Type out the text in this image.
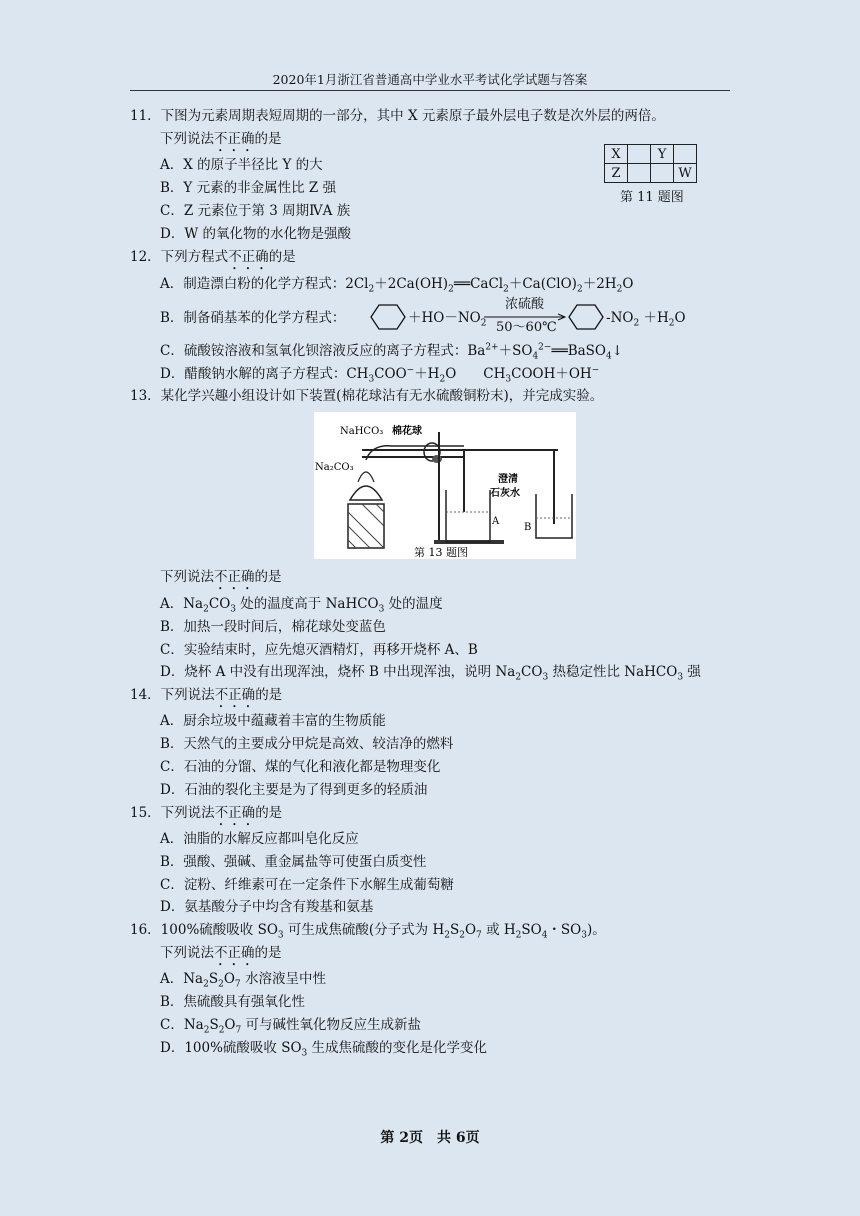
2020年1月浙江省普通高中学业水平考试化学试题与答案
11．下图为元素周期表短周期的一部分，其中 X 元素原子最外层电子数是次外层的两倍。
下列说法不正确的是
A．X 的原子半径比 Y 的大
B．Y 元素的非金属性比 Z 强
C．Z 元素位于第 3 周期ⅣA 族
D．W 的氧化物的水化物是强酸
X		Y	
Z			W
第 11 题图
12．下列方程式不正确的是
A．制造漂白粉的化学方程式：$2Cl_2+2Ca(OH)_2══CaCl_2+Ca(ClO)_2+2H_2O$
B．制备硝基苯的化学方程式：	$+HO-NO_2$
浓硫酸
50～60℃
$-NO_2 +H_2O$
C．硫酸铵溶液和氢氧化钡溶液反应的离子方程式：$Ba^{2+}+SO_4^{2-}══BaSO_4↓$
D．醋酸钠水解的离子方程式：$CH_3COO^-+H_2O$　　$CH_3COOH+OH^-$
13．某化学兴趣小组设计如下装置(棉花球沾有无水硫酸铜粉末)，并完成实验。
NaHCO₃ 棉花球
Na₂CO₃
澄清
石灰水
A
B
第 13 题图
下列说法不正确的是
A．$Na_2CO_3$ 处的温度高于 NaHCO$_3$ 处的温度
B．加热一段时间后，棉花球处变蓝色
C．实验结束时，应先熄灭酒精灯，再移开烧杯 A、B
D．烧杯 A 中没有出现浑浊，烧杯 B 中出现浑浊，说明 $Na_2CO_3$ 热稳定性比 NaHCO$_3$ 强
14．下列说法不正确的是
A．厨余垃圾中蕴藏着丰富的生物质能
B．天然气的主要成分甲烷是高效、较洁净的燃料
C．石油的分馏、煤的气化和液化都是物理变化
D．石油的裂化主要是为了得到更多的轻质油
15．下列说法不正确的是
A．油脂的水解反应都叫皂化反应
B．强酸、强碱、重金属盐等可使蛋白质变性
C．淀粉、纤维素可在一定条件下水解生成葡萄糖
D．氨基酸分子中均含有羧基和氨基
16．100%硫酸吸收 $SO_3$ 可生成焦硫酸(分子式为 $H_2S_2O_7$ 或 $H_2SO_4$・$SO_3$)。
下列说法不正确的是
A．$Na_2S_2O_7$ 水溶液呈中性
B．焦硫酸具有强氧化性
C．$Na_2S_2O_7$ 可与碱性氧化物反应生成新盐
D．100%硫酸吸收 $SO_3$ 生成焦硫酸的变化是化学变化
第 2页　共 6页
